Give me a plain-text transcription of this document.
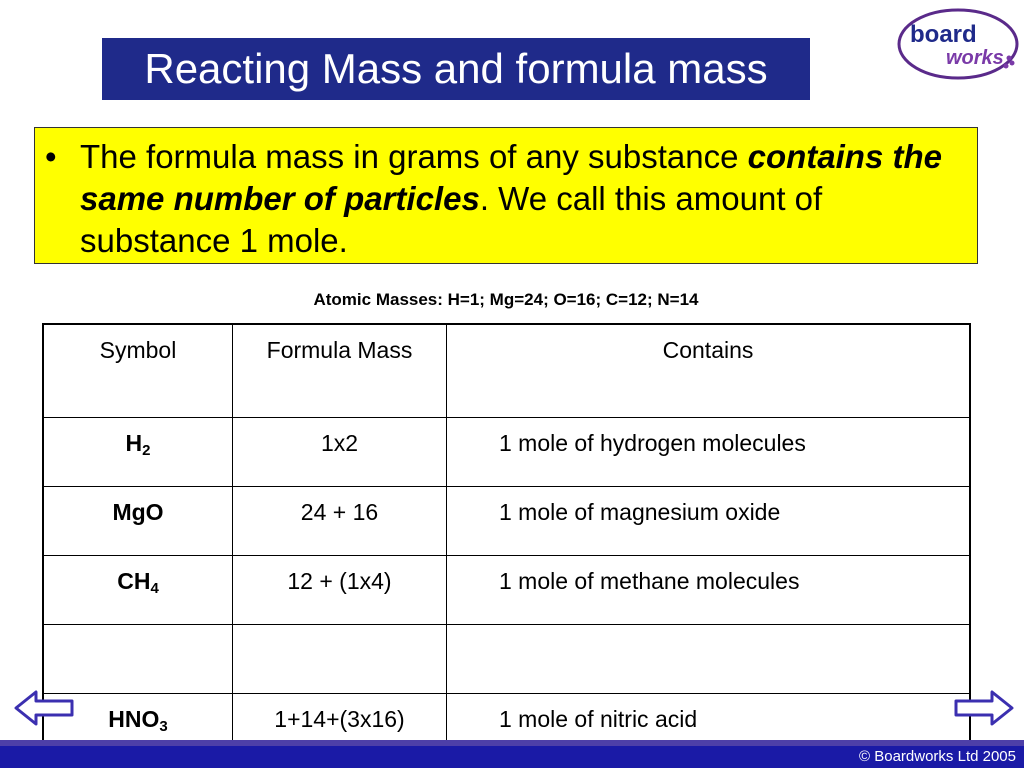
Reacting Mass and formula mass
board
works
• The formula mass in grams of any substance contains the same number of particles. We call this amount of substance 1 mole.
Atomic Masses: H=1; Mg=24; O=16; C=12; N=14
Symbol	Formula Mass	Contains
$H_2$	1x2	1 mole of hydrogen molecules
MgO	24 + 16	1 mole of magnesium oxide
$CH_4$	12 + (1x4)	1 mole of methane molecules

$HNO_3$	1+14+(3x16)	1 mole of nitric acid
© Boardworks Ltd 2005
